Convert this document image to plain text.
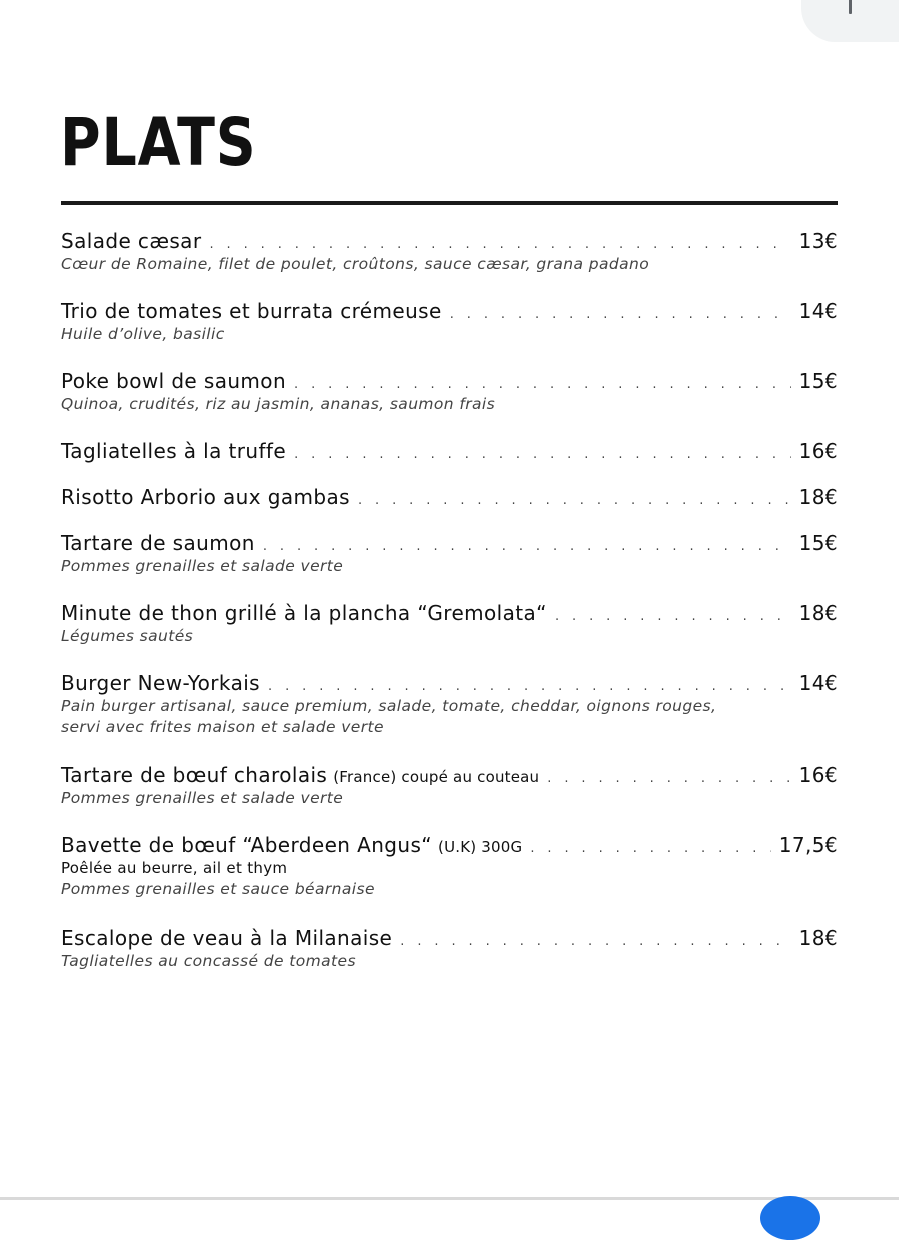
PLATS
Salade cæsar . . .	13€
Cœur de Romaine, filet de poulet, croûtons, sauce cæsar, grana padano
Trio de tomates et burrata crémeuse . . .	14€
Huile d’olive, basilic
Poke bowl de saumon . . .	15€
Quinoa, crudités, riz au jasmin, ananas, saumon frais
Tagliatelles à la truffe . . .	16€
Risotto Arborio aux gambas . . .	18€
Tartare de saumon . . .	15€
Pommes grenailles et salade verte
Minute de thon grillé à la plancha “Gremolata“ . . .	18€
Légumes sautés
Burger New-Yorkais . . .	14€
Pain burger artisanal, sauce premium, salade, tomate, cheddar, oignons rouges,
servi avec frites maison et salade verte
Tartare de bœuf charolais (France) coupé au couteau . . .	16€
Pommes grenailles et salade verte
Bavette de bœuf “Aberdeen Angus“ (U.K) 300G . . .	17,5€
Poêlée au beurre, ail et thym
Pommes grenailles et sauce béarnaise
Escalope de veau à la Milanaise . . .	18€
Tagliatelles au concassé de tomates
